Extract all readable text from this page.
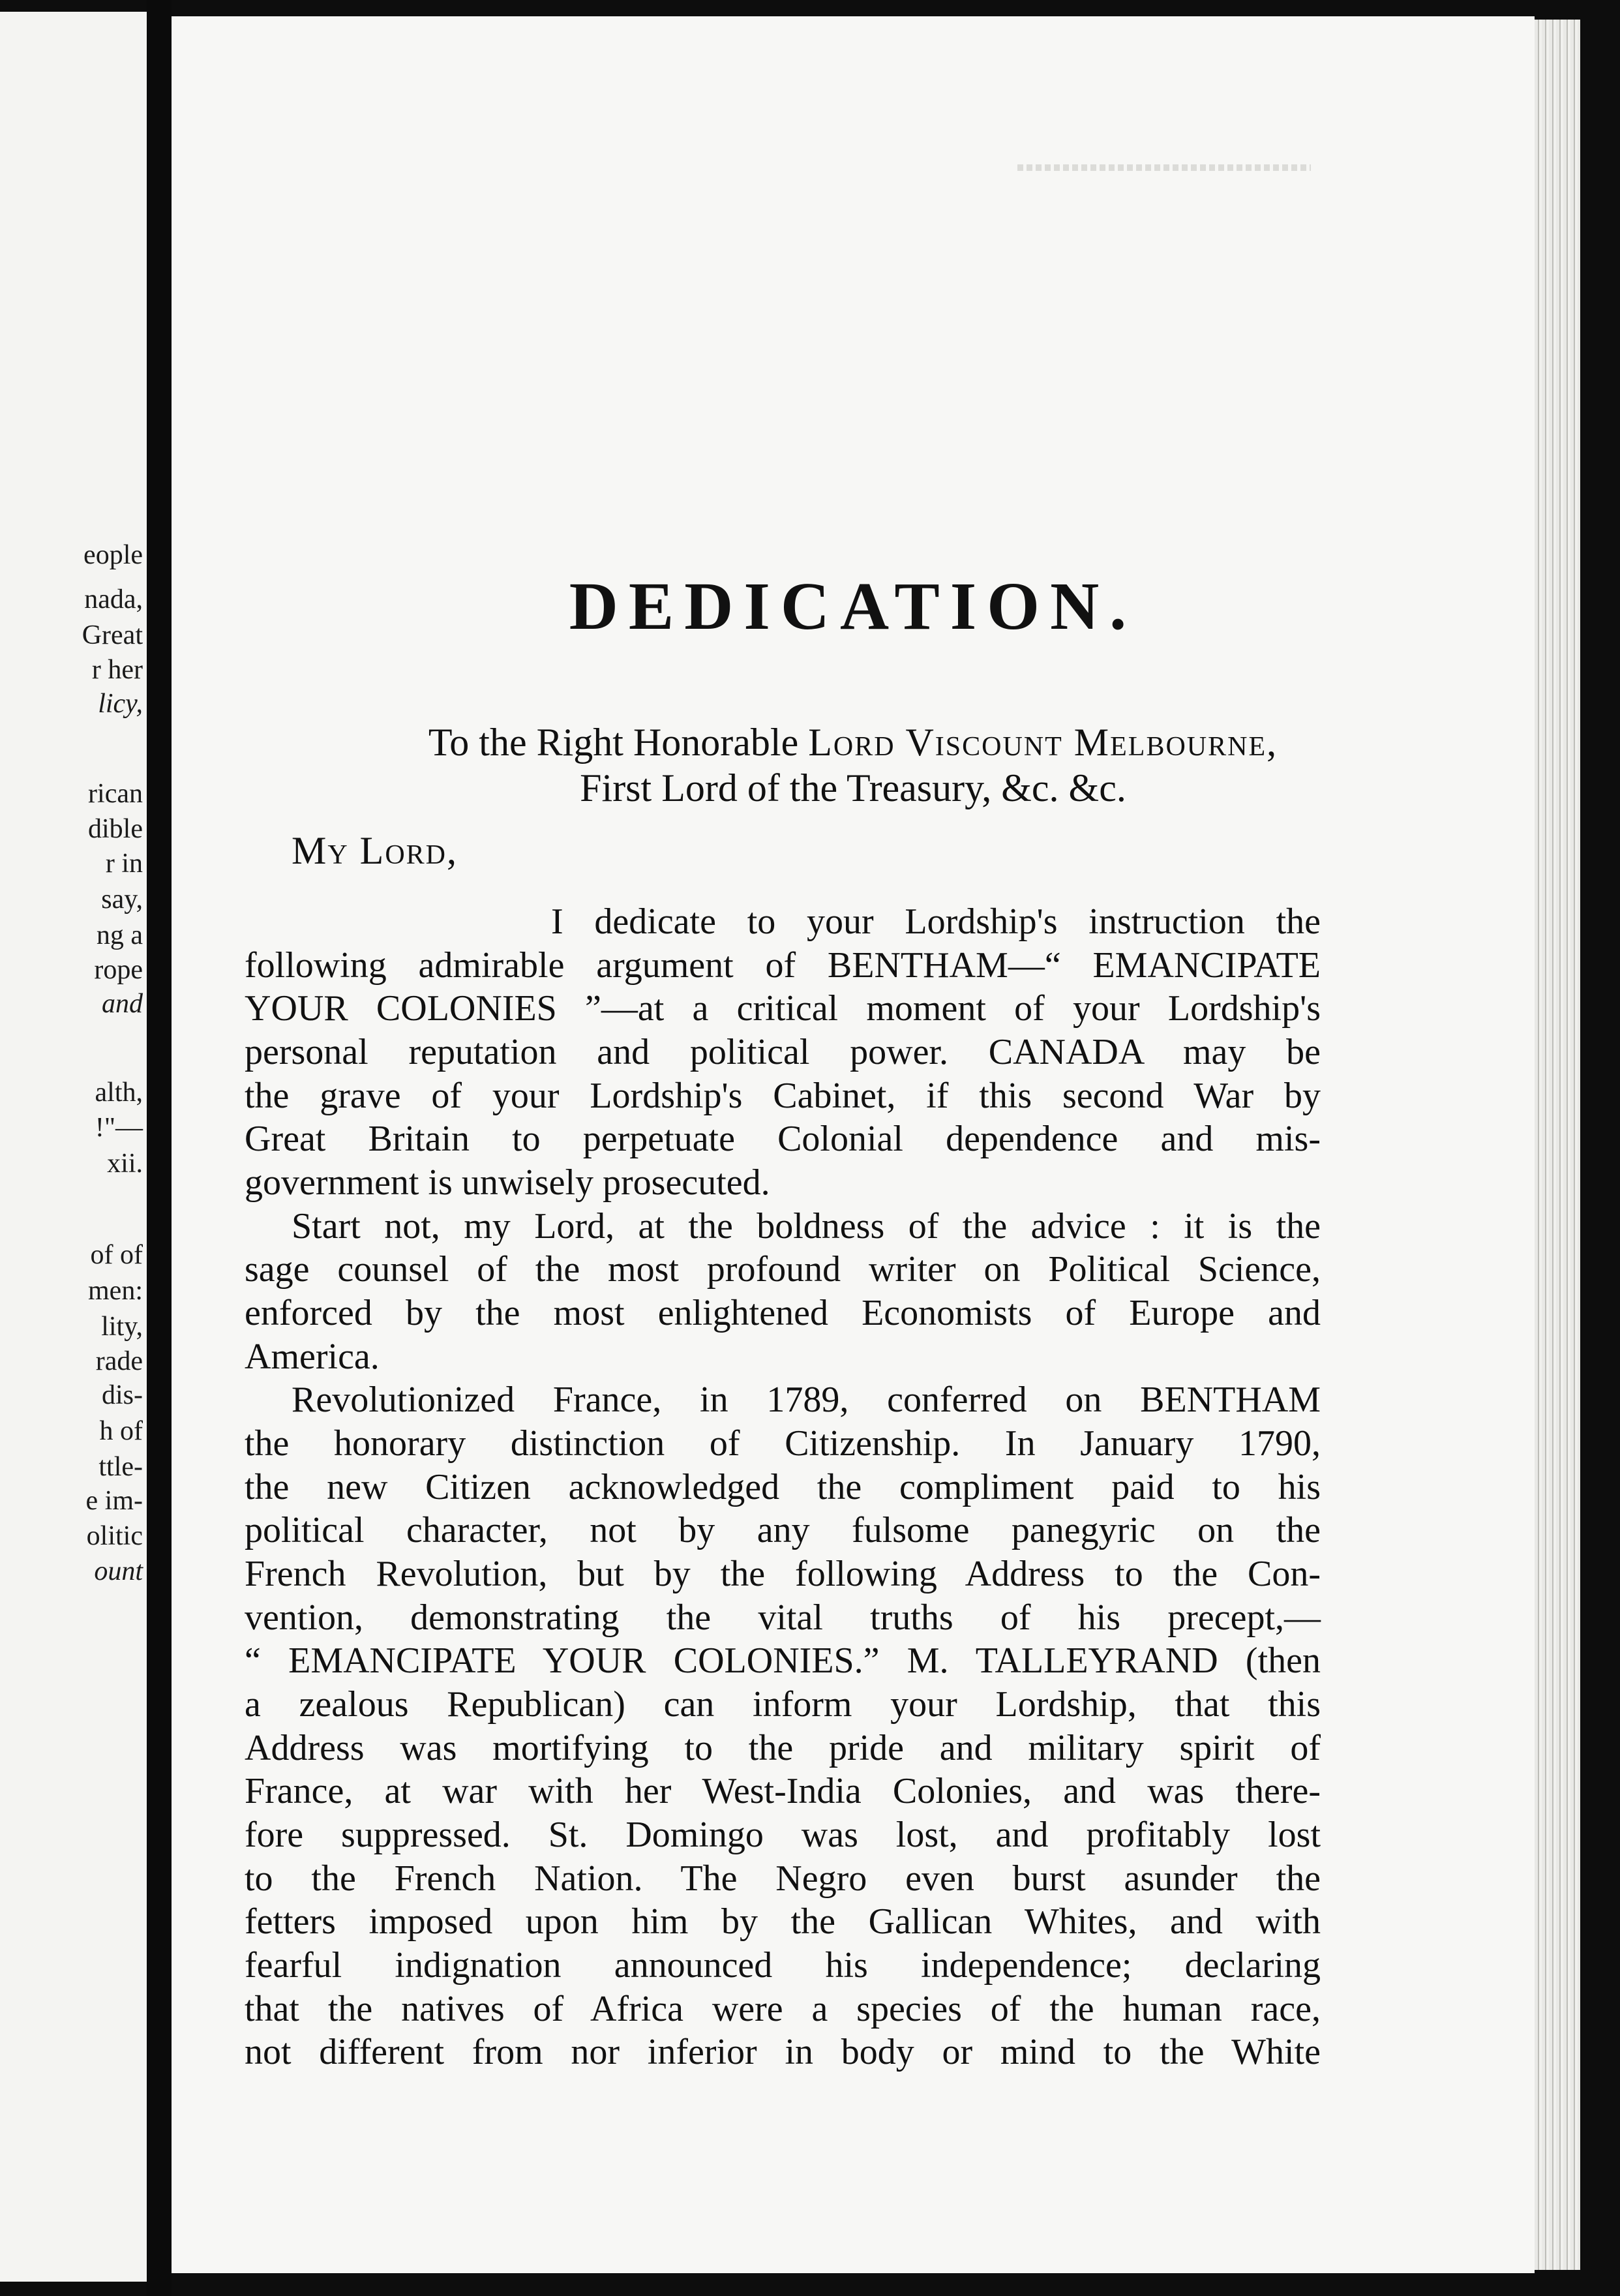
eople
nada,
Great
r her
licy,
rican
dible
r in
say,
ng a
rope
and
alth,
!"—
xii.
of of
men:
lity,
rade
dis-
h of
ttle-
e im-
olitic
ount
DEDICATION.
To the Right Honorable Lord Viscount Melbourne,
First Lord of the Treasury, &c. &c.
My Lord,
I dedicate to your Lordship's instruction the
following admirable argument of BENTHAM—“ EMANCIPATE
YOUR COLONIES ”—at a critical moment of your Lordship's
personal reputation and political power. CANADA may be
the grave of your Lordship's Cabinet, if this second War by
Great Britain to perpetuate Colonial dependence and mis-
government is unwisely prosecuted.
Start not, my Lord, at the boldness of the advice : it is the
sage counsel of the most profound writer on Political Science,
enforced by the most enlightened Economists of Europe and
America.
Revolutionized France, in 1789, conferred on BENTHAM
the honorary distinction of Citizenship. In January 1790,
the new Citizen acknowledged the compliment paid to his
political character, not by any fulsome panegyric on the
French Revolution, but by the following Address to the Con-
vention, demonstrating the vital truths of his precept,—
“ EMANCIPATE YOUR COLONIES.” M. TALLEYRAND (then
a zealous Republican) can inform your Lordship, that this
Address was mortifying to the pride and military spirit of
France, at war with her West-India Colonies, and was there-
fore suppressed. St. Domingo was lost, and profitably lost
to the French Nation. The Negro even burst asunder the
fetters imposed upon him by the Gallican Whites, and with
fearful indignation announced his independence; declaring
that the natives of Africa were a species of the human race,
not different from nor inferior in body or mind to the White
